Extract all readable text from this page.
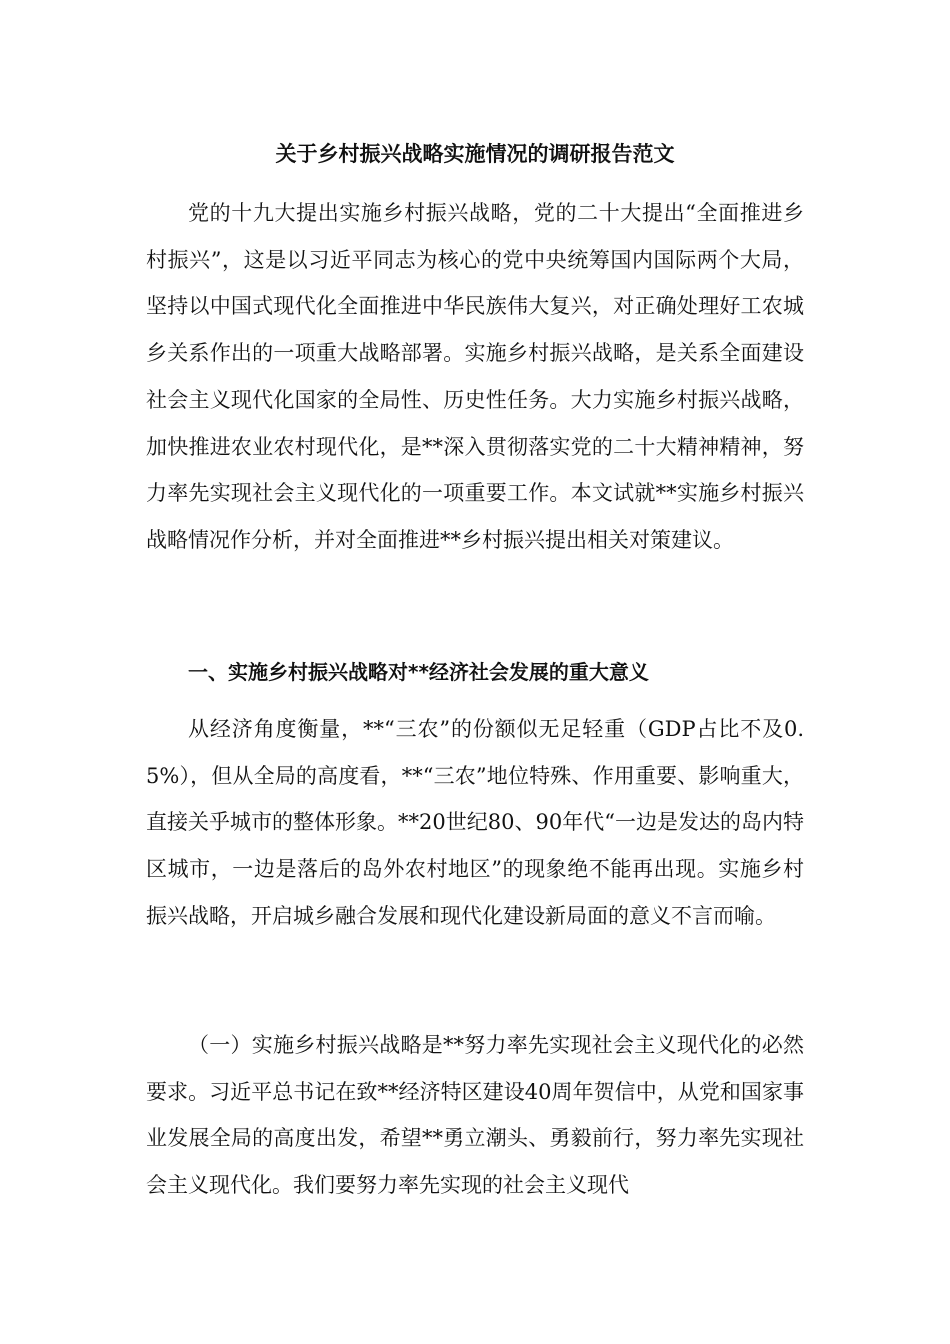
关于乡村振兴战略实施情况的调研报告范文

党的十九大提出实施乡村振兴战略，党的二十大提出“全面推进乡村振兴”，这是以习近平同志为核心的党中央统筹国内国际两个大局，坚持以中国式现代化全面推进中华民族伟大复兴，对正确处理好工农城乡关系作出的一项重大战略部署。实施乡村振兴战略，是关系全面建设社会主义现代化国家的全局性、历史性任务。大力实施乡村振兴战略，加快推进农业农村现代化，是**深入贯彻落实党的二十大精神精神，努力率先实现社会主义现代化的一项重要工作。本文试就**实施乡村振兴战略情况作分析，并对全面推进**乡村振兴提出相关对策建议。

一、实施乡村振兴战略对**经济社会发展的重大意义

从经济角度衡量，**“三农”的份额似无足轻重（GDP占比不及0.5%），但从全局的高度看，**“三农”地位特殊、作用重要、影响重大，直接关乎城市的整体形象。**20世纪80、90年代“一边是发达的岛内特区城市，一边是落后的岛外农村地区”的现象绝不能再出现。实施乡村振兴战略，开启城乡融合发展和现代化建设新局面的意义不言而喻。

（一）实施乡村振兴战略是**努力率先实现社会主义现代化的必然要求。习近平总书记在致**经济特区建设40周年贺信中，从党和国家事业发展全局的高度出发，希望**勇立潮头、勇毅前行，努力率先实现社会主义现代化。我们要努力率先实现的社会主义现代
